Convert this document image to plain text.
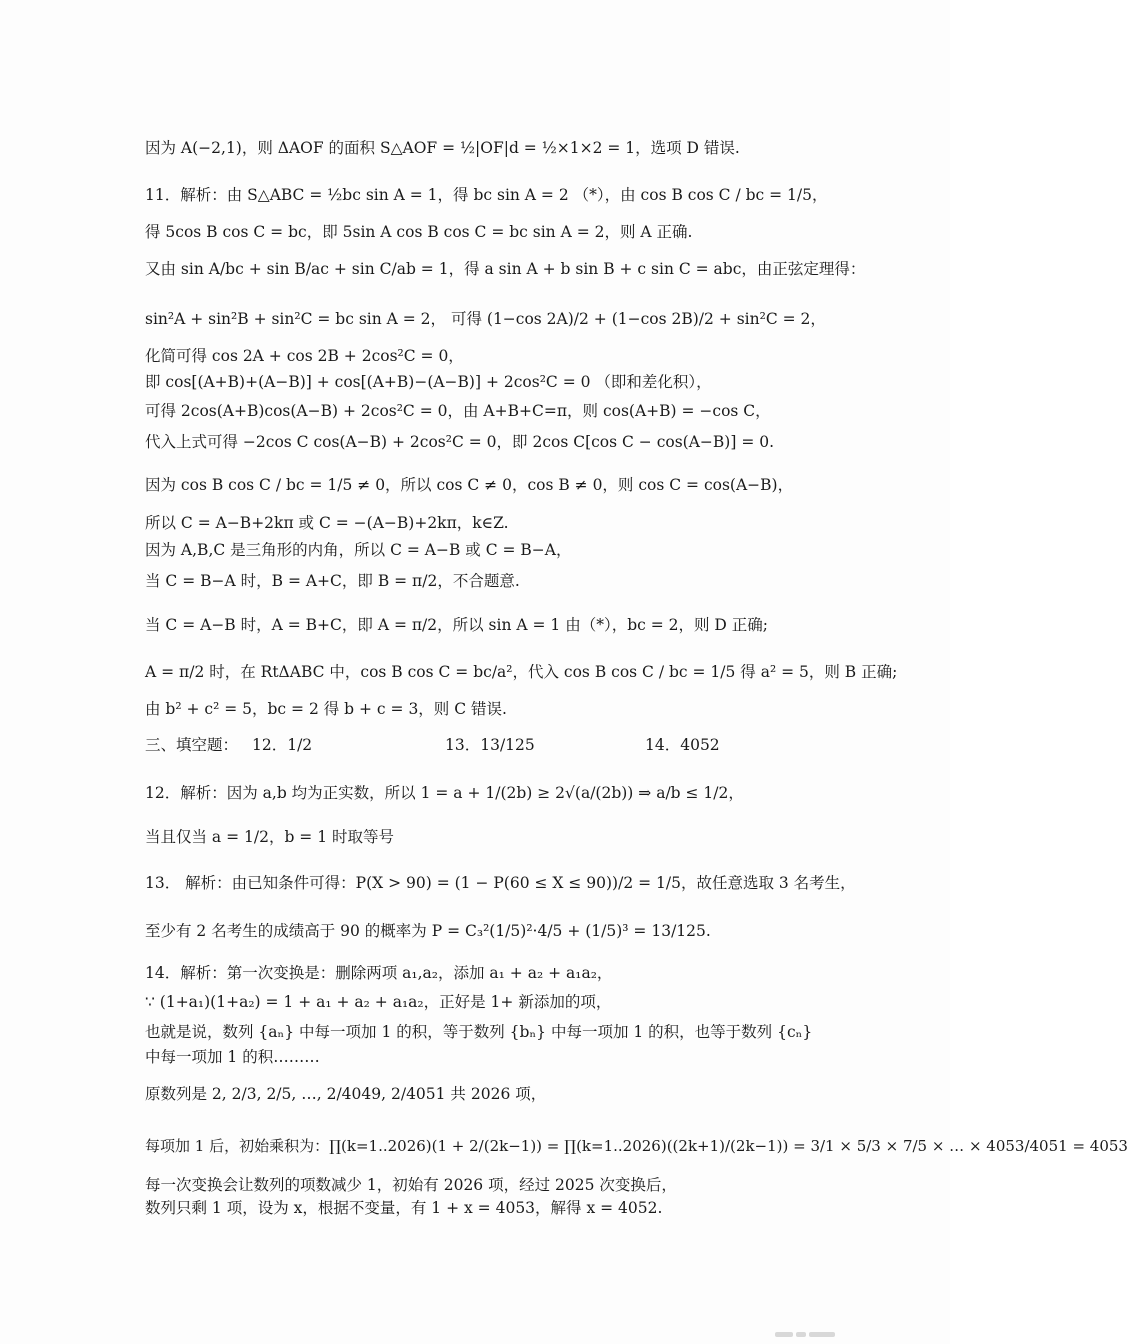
因为 A(−2,1)，则 ΔAOF 的面积 S△AOF = ½|OF|d = ½×1×2 = 1，选项 D 错误.
11．解析：由 S△ABC = ½bc sin A = 1，得 bc sin A = 2 （*），由 cos B cos C / bc = 1/5，
得 5cos B cos C = bc，即 5sin A cos B cos C = bc sin A = 2，则 A 正确.
又由 sin A/bc + sin B/ac + sin C/ab = 1，得 a sin A + b sin B + c sin C = abc，由正弦定理得：
sin²A + sin²B + sin²C = bc sin A = 2， 可得 (1−cos 2A)/2 + (1−cos 2B)/2 + sin²C = 2，
化简可得 cos 2A + cos 2B + 2cos²C = 0，
即 cos[(A+B)+(A−B)] + cos[(A+B)−(A−B)] + 2cos²C = 0 （即和差化积），
可得 2cos(A+B)cos(A−B) + 2cos²C = 0，由 A+B+C=π，则 cos(A+B) = −cos C，
代入上式可得 −2cos C cos(A−B) + 2cos²C = 0，即 2cos C[cos C − cos(A−B)] = 0.
因为 cos B cos C / bc = 1/5 ≠ 0，所以 cos C ≠ 0，cos B ≠ 0，则 cos C = cos(A−B)，
所以 C = A−B+2kπ 或 C = −(A−B)+2kπ，k∈Z.
因为 A,B,C 是三角形的内角，所以 C = A−B 或 C = B−A，
当 C = B−A 时，B = A+C，即 B = π/2，不合题意.
当 C = A−B 时，A = B+C，即 A = π/2，所以 sin A = 1 由（*），bc = 2，则 D 正确;
A = π/2 时，在 RtΔABC 中，cos B cos C = bc/a²，代入 cos B cos C / bc = 1/5 得 a² = 5，则 B 正确;
由 b² + c² = 5，bc = 2 得 b + c = 3，则 C 错误.
三、填空题： 12．1/2	13．13/125	14．4052
12．解析：因为 a,b 均为正实数，所以 1 = a + 1/(2b) ≥ 2√(a/(2b)) ⇒ a/b ≤ 1/2，
当且仅当 a = 1/2，b = 1 时取等号
13． 解析：由已知条件可得：P(X > 90) = (1 − P(60 ≤ X ≤ 90))/2 = 1/5，故任意选取 3 名考生，
至少有 2 名考生的成绩高于 90 的概率为 P = C₃²(1/5)²·4/5 + (1/5)³ = 13/125.
14．解析：第一次变换是：删除两项 a₁,a₂，添加 a₁ + a₂ + a₁a₂，
∵ (1+a₁)(1+a₂) = 1 + a₁ + a₂ + a₁a₂，正好是 1+ 新添加的项，
也就是说，数列 {aₙ} 中每一项加 1 的积，等于数列 {bₙ} 中每一项加 1 的积，也等于数列 {cₙ}
中每一项加 1 的积………
原数列是 2, 2/3, 2/5, …, 2/4049, 2/4051 共 2026 项，
每项加 1 后，初始乘积为：∏(k=1..2026)(1 + 2/(2k−1)) = ∏(k=1..2026)((2k+1)/(2k−1)) = 3/1 × 5/3 × 7/5 × … × 4053/4051 = 4053
每一次变换会让数列的项数减少 1，初始有 2026 项，经过 2025 次变换后，
数列只剩 1 项，设为 x，根据不变量，有 1 + x = 4053，解得 x = 4052.
